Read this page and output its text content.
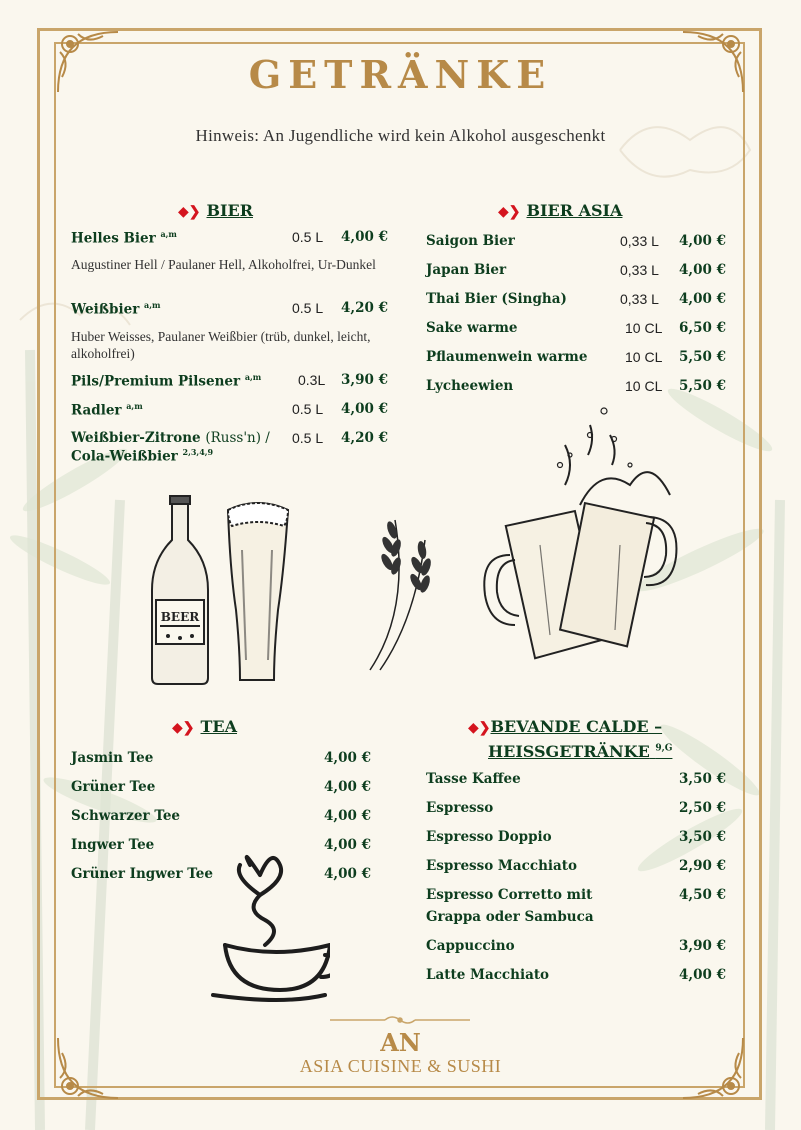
GETRÄNKE
Hinweis: An Jugendliche wird kein Alkohol ausgeschenkt
◆❯ BIER
Helles Bier $^{a,m}$	0.5 L 4,00 €
Augustiner Hell / Paulaner Hell, Alkoholfrei, Ur-Dunkel
Weißbier $^{a,m}$	0.5 L 4,20 €
Huber Weisses, Paulaner Weißbier (trüb, dunkel, leicht, alkoholfrei)
Pils/Premium Pilsener $^{a,m}$	0.3L 3,90 €
Radler $^{a,m}$	0.5 L 4,00 €
Weißbier-Zitrone (Russ'n) /
Cola-Weißbier $^{2,3,4,9}$
0.5 L 4,20 €
◆❯ BIER ASIA
Saigon Bier	0,33 L 4,00 €
Japan Bier	0,33 L 4,00 €
Thai Bier (Singha)	0,33 L 4,00 €
Sake warme	10 CL 6,50 €
Pflaumenwein warme	10 CL 5,50 €
Lycheewien	10 CL 5,50 €
BEER
◆❯ TEA
Jasmin Tee	4,00 €
Grüner Tee	4,00 €
Schwarzer Tee	4,00 €
Ingwer Tee	4,00 €
Grüner Ingwer Tee	4,00 €
◆❯BEVANDE CALDE –
HEISSGETRÄNKE $^{9,G}$
Tasse Kaffee	3,50 €
Espresso	2,50 €
Espresso Doppio	3,50 €
Espresso Macchiato	2,90 €
Espresso Corretto mit
Grappa oder Sambuca
4,50 €
Cappuccino	3,90 €
Latte Macchiato	4,00 €
AN
ASIA CUISINE & SUSHI
